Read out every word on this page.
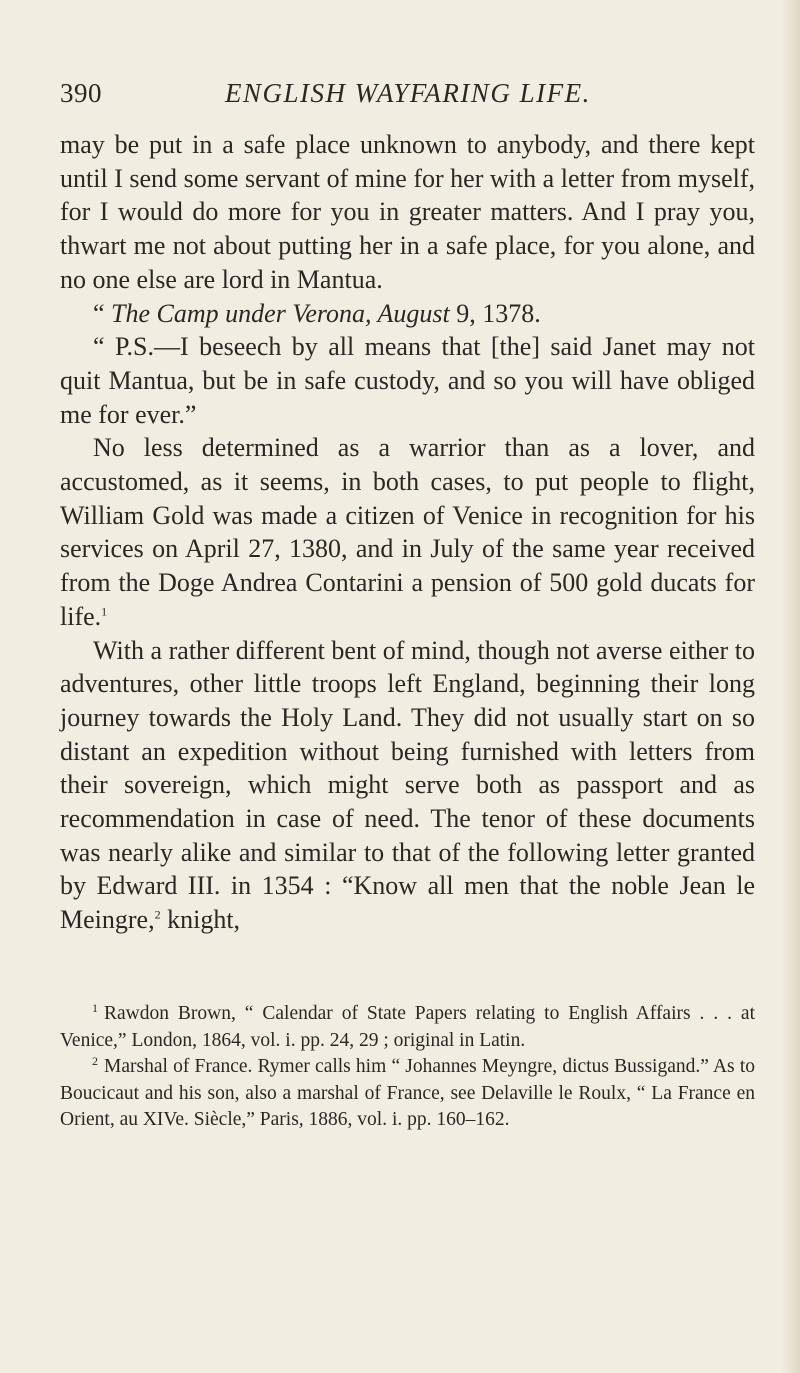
390	ENGLISH WAYFARING LIFE.

may be put in a safe place unknown to anybody, and there kept until I send some servant of mine for her with a letter from myself, for I would do more for you in greater matters. And I pray you, thwart me not about putting her in a safe place, for you alone, and no one else are lord in Mantua.

“ The Camp under Verona, August 9, 1378.

“ P.S.—I beseech by all means that [the] said Janet may not quit Mantua, but be in safe custody, and so you will have obliged me for ever.”

No less determined as a warrior than as a lover, and accustomed, as it seems, in both cases, to put people to flight, William Gold was made a citizen of Venice in recognition for his services on April 27, 1380, and in July of the same year received from the Doge Andrea Contarini a pension of 500 gold ducats for life.$^1$

With a rather different bent of mind, though not averse either to adventures, other little troops left England, beginning their long journey towards the Holy Land. They did not usually start on so distant an expedition without being furnished with letters from their sovereign, which might serve both as passport and as recommendation in case of need. The tenor of these documents was nearly alike and similar to that of the following letter granted by Edward III. in 1354 : “Know all men that the noble Jean le Meingre,$^2$ knight,

$^1$ Rawdon Brown, “ Calendar of State Papers relating to English Affairs . . . at Venice,” London, 1864, vol. i. pp. 24, 29 ; original in Latin.

$^2$ Marshal of France. Rymer calls him “ Johannes Meyngre, dictus Bussigand.” As to Boucicaut and his son, also a marshal of France, see Delaville le Roulx, “ La France en Orient, au XIVe. Siècle,” Paris, 1886, vol. i. pp. 160–162.
